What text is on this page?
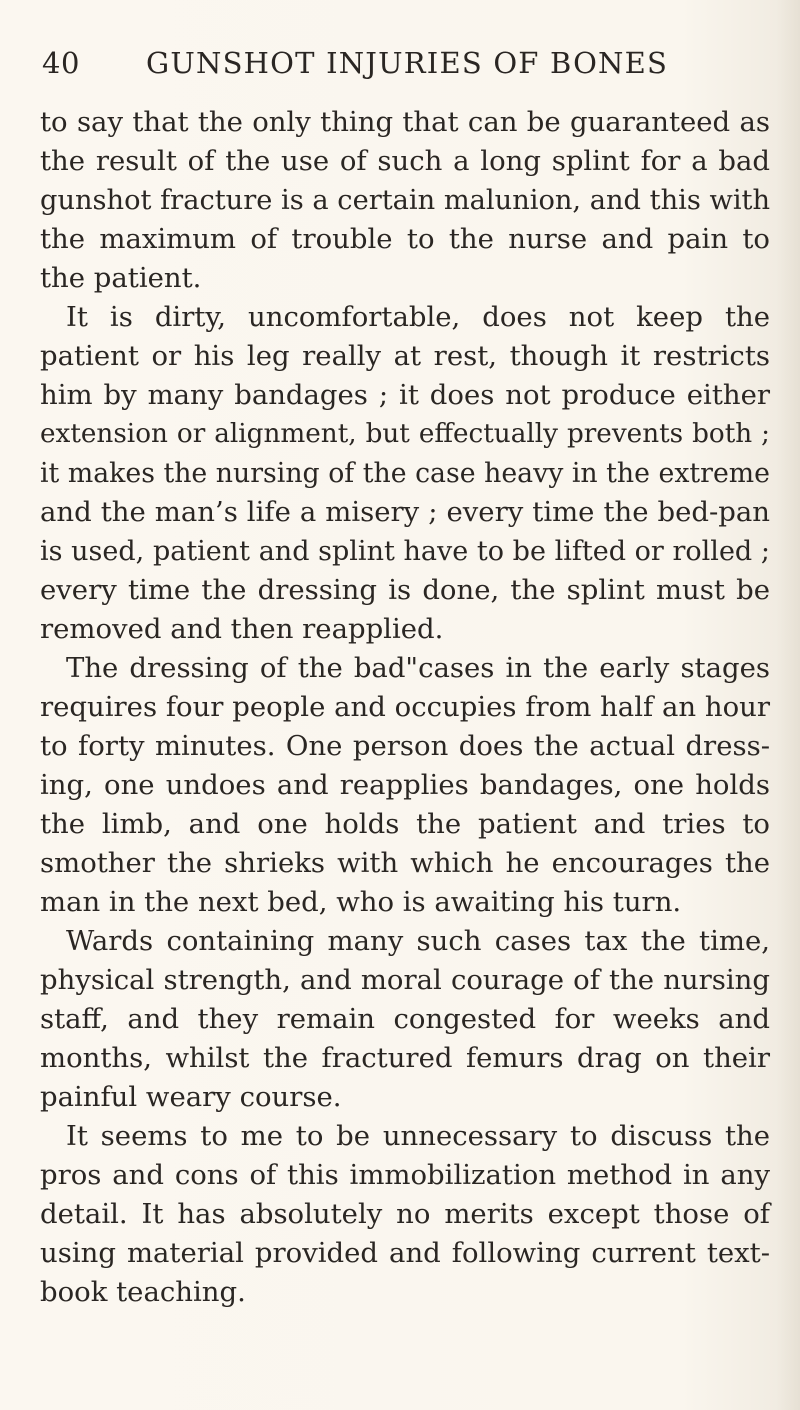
40 GUNSHOT INJURIES OF BONES
to say that the only thing that can be guaranteed as
the result of the use of such a long splint for a bad
gunshot fracture is a certain malunion, and this with
the maximum of trouble to the nurse and pain to
the patient.
It is dirty, uncomfortable, does not keep the
patient or his leg really at rest, though it restricts
him by many bandages ; it does not produce either
extension or alignment, but effectually prevents both ;
it makes the nursing of the case heavy in the extreme
and the man’s life a misery ; every time the bed-pan
is used, patient and splint have to be lifted or rolled ;
every time the dressing is done, the splint must be
removed and then reapplied.
The dressing of the bad"cases in the early stages
requires four people and occupies from half an hour
to forty minutes. One person does the actual dress-
ing, one undoes and reapplies bandages, one holds
the limb, and one holds the patient and tries to
smother the shrieks with which he encourages the
man in the next bed, who is awaiting his turn.
Wards containing many such cases tax the time,
physical strength, and moral courage of the nursing
staff, and they remain congested for weeks and
months, whilst the fractured femurs drag on their
painful weary course.
It seems to me to be unnecessary to discuss the
pros and cons of this immobilization method in any
detail. It has absolutely no merits except those of
using material provided and following current text-
book teaching.
